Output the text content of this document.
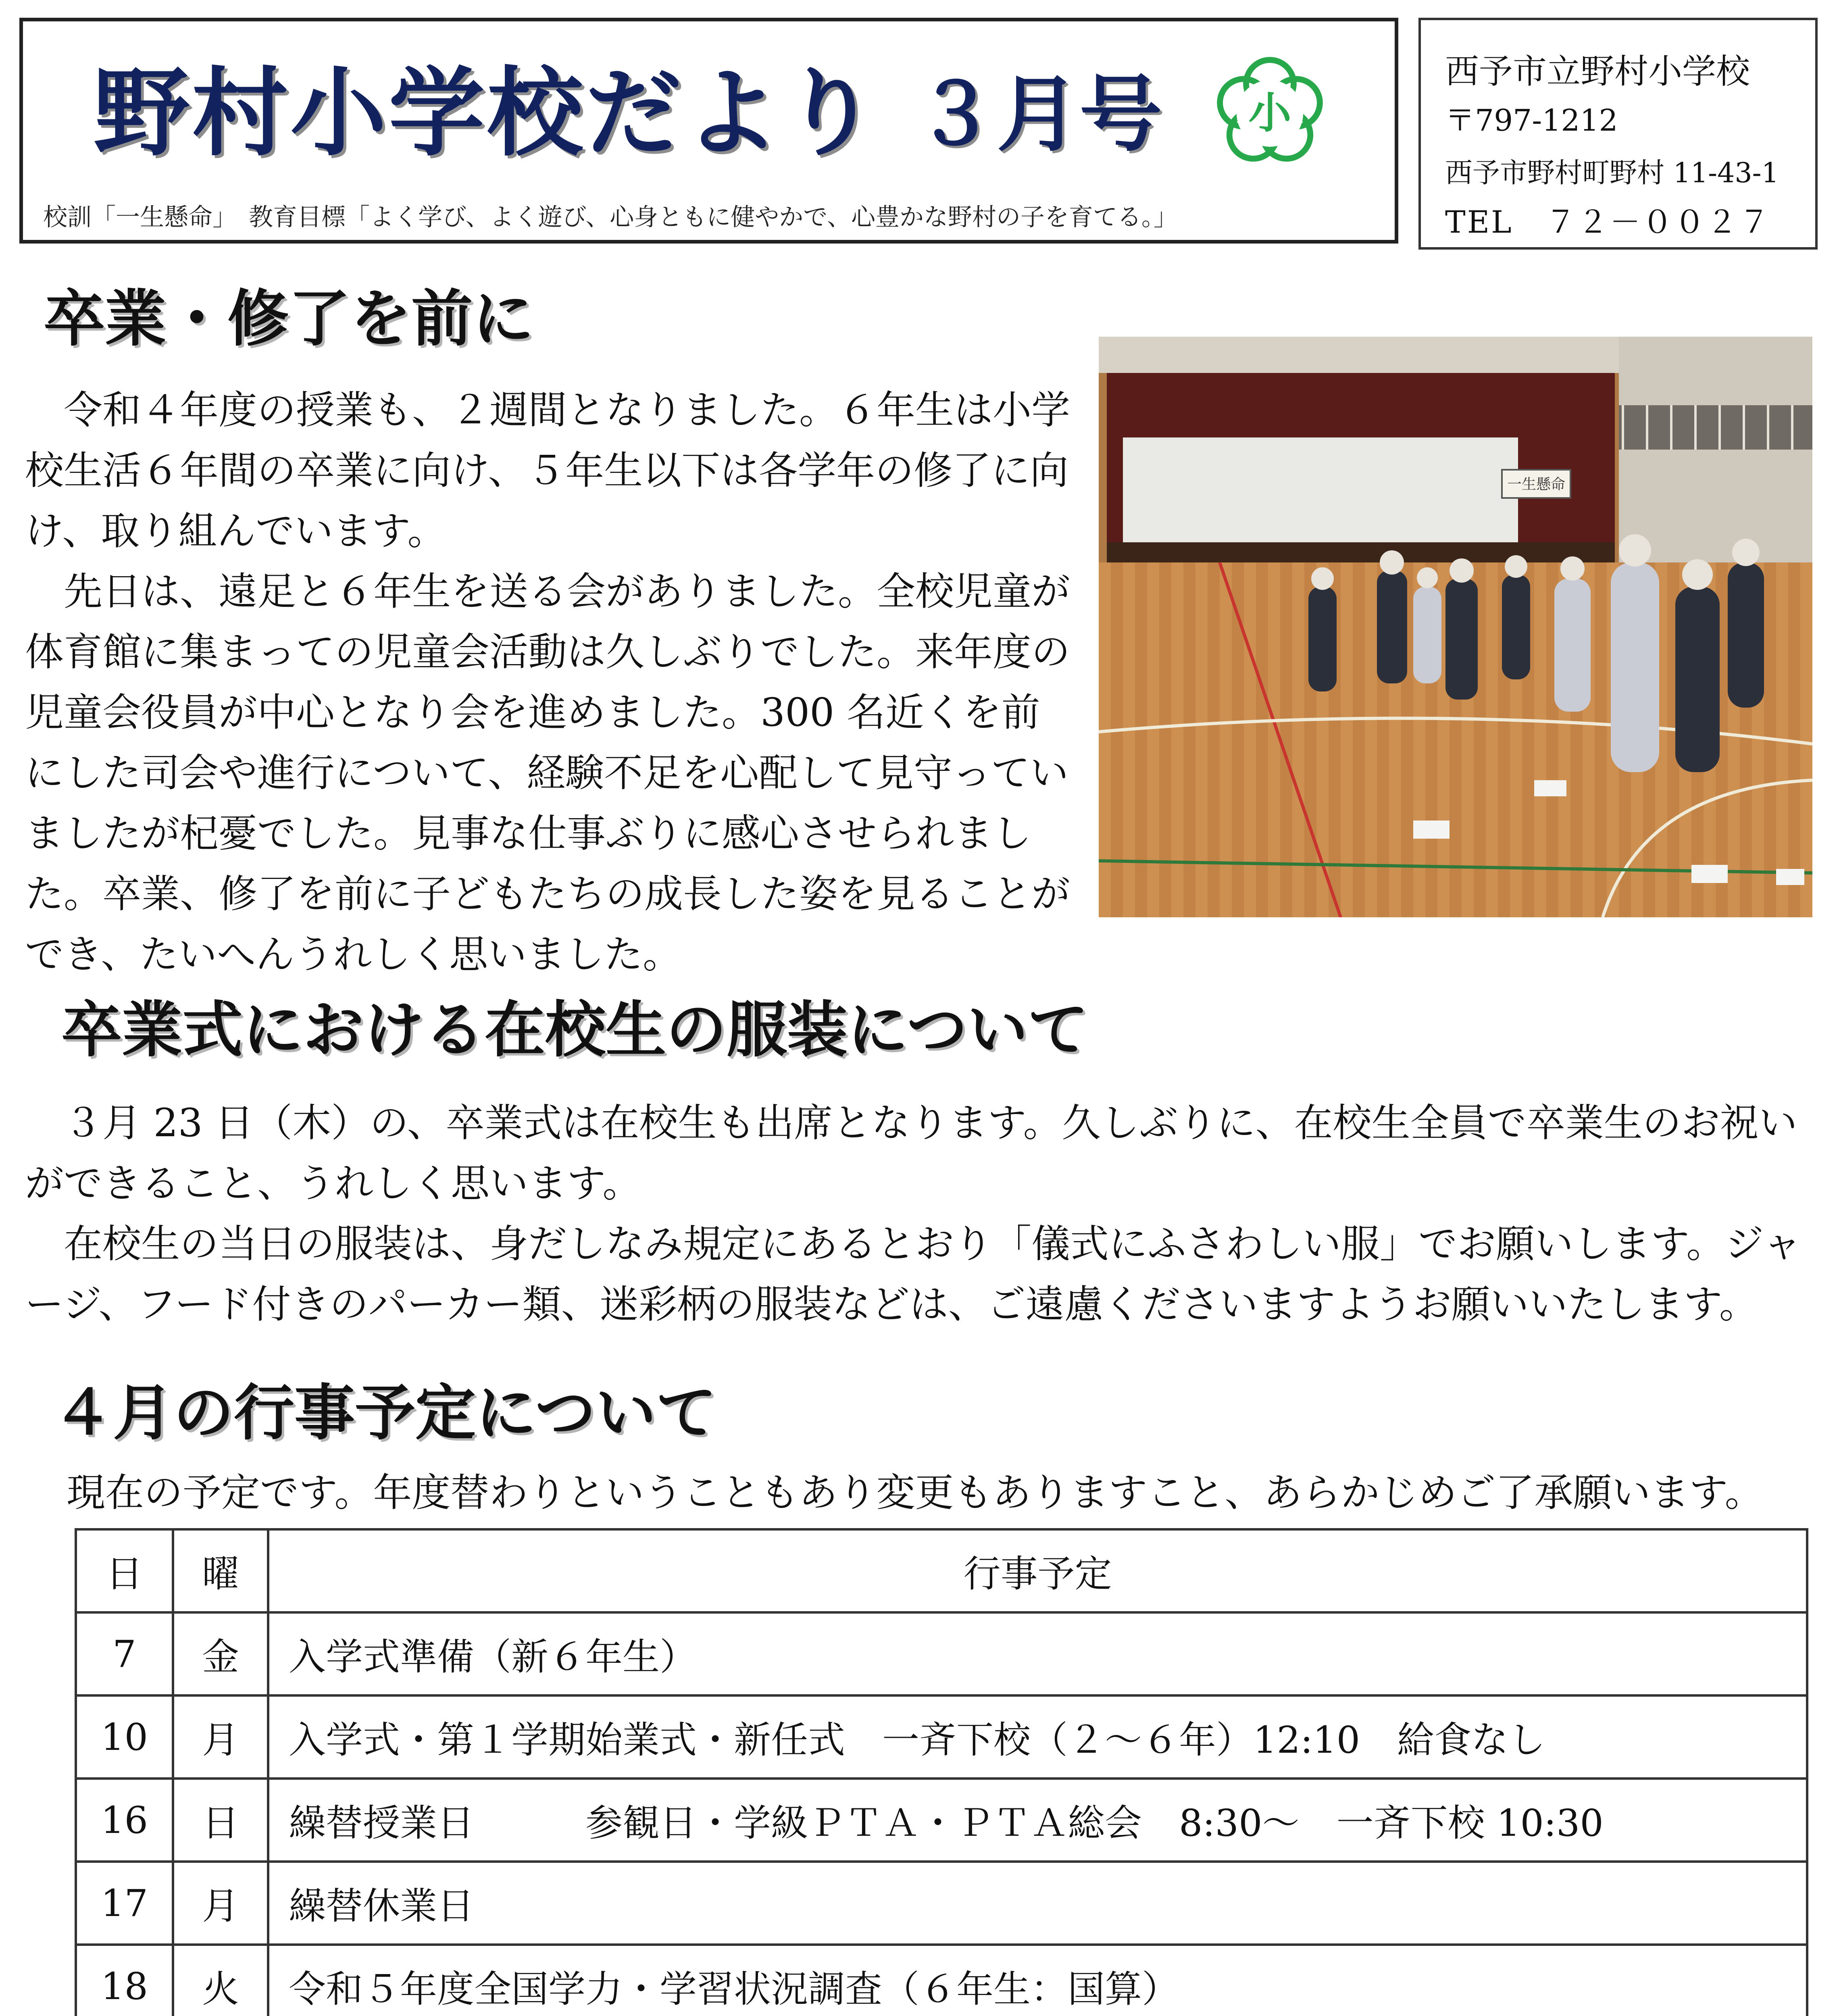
野村小学校だより ３月号	小
校訓「一生懸命」　教育目標「よく学び、よく遊び、心身ともに健やかで、心豊かな野村の子を育てる。」
西予市立野村小学校
〒797-1212
西予市野村町野村 11-43-1
TEL　７２－００２７
卒業・修了を前に
令和４年度の授業も、２週間となりました。６年生は小学校生活６年間の卒業に向け、５年生以下は各学年の修了に向け、取り組んでいます。
先日は、遠足と６年生を送る会がありました。全校児童が体育館に集まっての児童会活動は久しぶりでした。来年度の児童会役員が中心となり会を進めました。300 名近くを前にした司会や進行について、経験不足を心配して見守っていましたが杞憂でした。見事な仕事ぶりに感心させられました。卒業、修了を前に子どもたちの成長した姿を見ることができ、たいへんうれしく思いました。
一生懸命
卒業式における在校生の服装について
３月 23 日（木）の、卒業式は在校生も出席となります。久しぶりに、在校生全員で卒業生のお祝いができること、うれしく思います。
在校生の当日の服装は、身だしなみ規定にあるとおり「儀式にふさわしい服」でお願いします。ジャージ、フード付きのパーカー類、迷彩柄の服装などは、ご遠慮くださいますようお願いいたします。
４月の行事予定について
現在の予定です。年度替わりということもあり変更もありますこと、あらかじめご了承願います。
日	曜	行事予定
7	金	入学式準備（新６年生）
10	月	入学式・第１学期始業式・新任式　一斉下校（２～６年）12:10　給食なし
16	日	繰替授業日　　　参観日・学級ＰＴＡ・ＰＴＡ総会　8:30～　一斉下校 10:30
17	月	繰替休業日
18	火	令和５年度全国学力・学習状況調査（６年生：国算）
